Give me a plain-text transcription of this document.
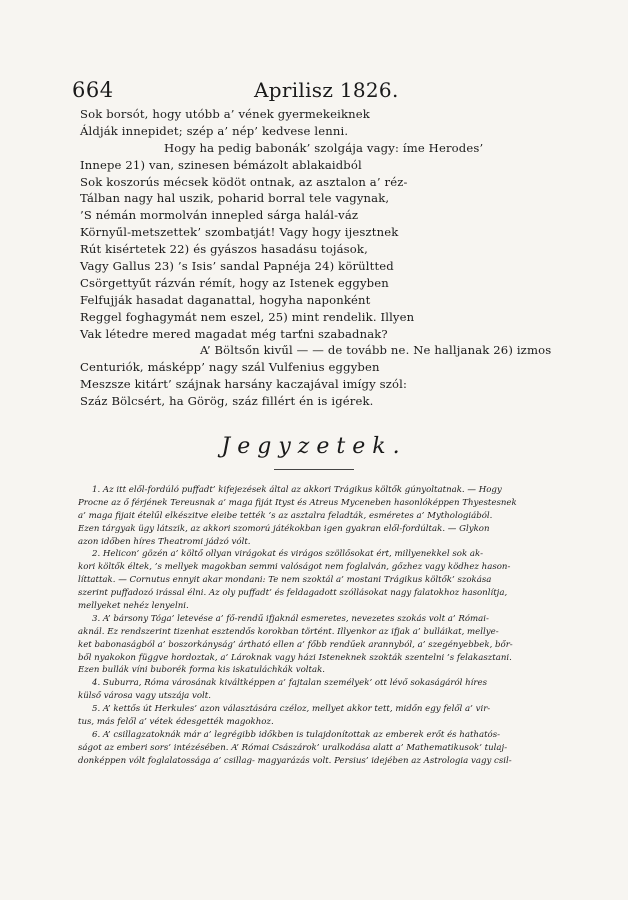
664	Aprilisz 1826.
Sok borsót, hogy utóbb a’ vének gyermekeiknek
Áldják innepidet; szép a’ nép’ kedvese lenni.
Hogy ha pedig babonák’ szolgája vagy: íme Herodes’
Innepe 21) van, szinesen bémázolt ablakaidból
Sok koszorús mécsek ködöt ontnak, az asztalon a’ réz-
Tálban nagy hal uszik, poharid borral tele vagynak,
’S némán mormolván innepled sárga halál-váz
Környűl-metszettek’ szombatját! Vagy hogy ijesztnek
Rút kisértetek 22) és gyászos hasadásu tojások,
Vagy Gallus 23) ’s Isis’ sandal Papnéja 24) körültted
Csörgettyűt rázván rémít, hogy az Istenek eggyben
Felfujják hasadat daganattal, hogyha naponként
Reggel foghagymát nem eszel, 25) mint rendelik. Illyen
Vak létedre mered magadat még tarťni szabadnak?
A’ Böltsőn kivűl — — de tovább ne. Ne halljanak 26) izmos
Centuriók, másképp’ nagy szál Vulfenius eggyben
Meszsze kitárt’ szájnak harsány kaczajával imígy szól:
Száz Bölcsért, ha Görög, száz fillért én is igérek.
Jegyzetek.
1. Az itt elől-fordúló puffadt’ kifejezések által az akkori Trágikus költők gúnyoltatnak. — Hogy
Procne az ő férjének Tereusnak a’ maga fiját Ityst és Atreus Myceneben hasonlóképpen Thyestesnek
a’ maga fijait ételűl elkészitve eleibe tették ’s az asztalra feladták, esméretes a’ Mythologiából.
Ezen tárgyak ügy látszik, az akkori szomorú játékokban igen gyakran elől-fordúltak. — Glykon
azon időben híres Theatromi jádzó vólt.
2. Helicon’ gözén a’ költő ollyan virágokat és virágos szöllősokat ért, millyenekkel sok ak-
kori költők éltek, ’s mellyek magokban semmi valóságot nem foglalván, gőzhez vagy ködhez hason-
líttattak. — Cornutus ennyit akar mondani: Te nem szoktál a’ mostani Trágikus költők’ szokása
szerint puffadozó irással élni. Az oly puffadt’ és feldagadott szóllásokat nagy falatokhoz hasonlítja,
mellyeket nehéz lenyelni.
3. A’ bársony Tóga’ letevése a’ fő-rendű ifjaknál esmeretes, nevezetes szokás volt a’ Római-
aknál. Ez rendszerint tizenhat esztendős korokban történt. Illyenkor az ifjak a’ bulláikat, mellye-
ket babonaságból a’ boszorkányság’ ártható ellen a’ főbb rendűek arannyból, a’ szegényebbek, bőr-
ből nyakokon függve hordoztak, a’ Lároknak vagy házi Isteneknek szokták szentelni ’s felakasztani.
Ezen bullák víni buborék forma kis iskatuláchkák voltak.
4. Suburra, Róma városának kiváltképpen a’ fajtalan személyek’ ott lévő sokaságáról híres
külső városa vagy utszája volt.
5. A’ kettős út Herkules’ azon választására czéloz, mellyet akkor tett, midőn egy felől a’ vir-
tus, más felől a’ vétek édesgették magokhoz.
6. A’ csillagzatoknák már a’ legrégibb időkben is tulajdonítottak az emberek erőt és hathatós-
ságot az emberi sors’ intézésében. A’ Római Császárok’ uralkodása alatt a’ Mathematikusok’ tulaj-
donképpen vólt foglalatossága a’ csillag- magyarázás volt. Persius’ idejében az Astrologia vagy csil-
